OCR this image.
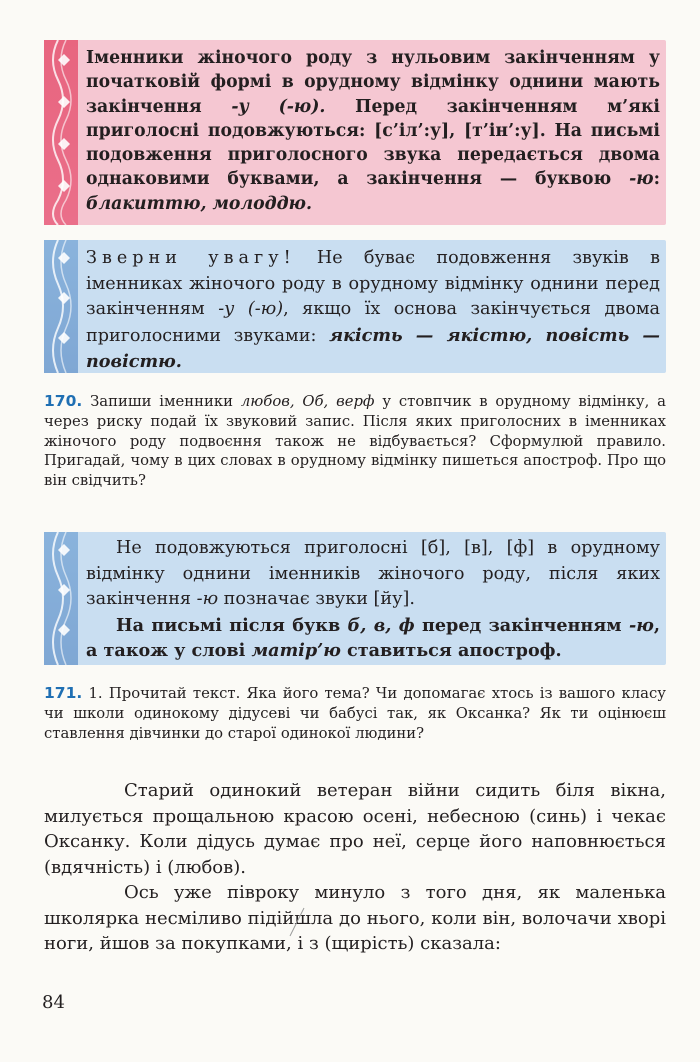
Іменники жіночого роду з нульовим закінченням у початковій формі в орудному відмінку однини мають закінчення -у (-ю). Перед закінченням м’які приголосні подовжуються: [с’іл’:у], [т’ін’:у]. На письмі подовження приголосного звука передається двома однаковими буквами, а закінчення — буквою -ю: блакиттю, молоддю.

Зверни увагу! Не буває подовження звуків в іменниках жіночого роду в орудному відмінку однини перед закінченням -у (-ю), якщо їх основа закінчується двома приголосними звуками: якість — якістю, повість — повістю.

170. Запиши іменники любов, Об, верф у стовпчик в орудному відмінку, а через риску подай їх звуковий запис. Після яких приголосних в іменниках жіночого роду подвоєння також не відбувається? Сформулюй правило. Пригадай, чому в цих словах в орудному відмінку пишеться апостроф. Про що він свідчить?

Не подовжуються приголосні [б], [в], [ф] в орудному відмінку однини іменників жіночого роду, після яких закінчення -ю позначає звуки [йу].

На письмі після букв б, в, ф перед закінченням -ю, а також у слові матір’ю ставиться апостроф.

171. 1. Прочитай текст. Яка його тема? Чи допомагає хтось із вашого класу чи школи одинокому дідусеві чи бабусі так, як Оксанка? Як ти оцінюєш ставлення дівчинки до старої одинокої людини?

Старий одинокий ветеран війни сидить біля вікна, милується прощальною красою осені, небесною (синь) і чекає Оксанку. Коли дідусь думає про неї, серце його наповнюється (вдячність) і (любов).

Ось уже півроку минуло з того дня, як маленька школярка несміливо підійшла до нього, коли він, волочачи хворі ноги, йшов за покупками, і з (щирість) сказала:

84
